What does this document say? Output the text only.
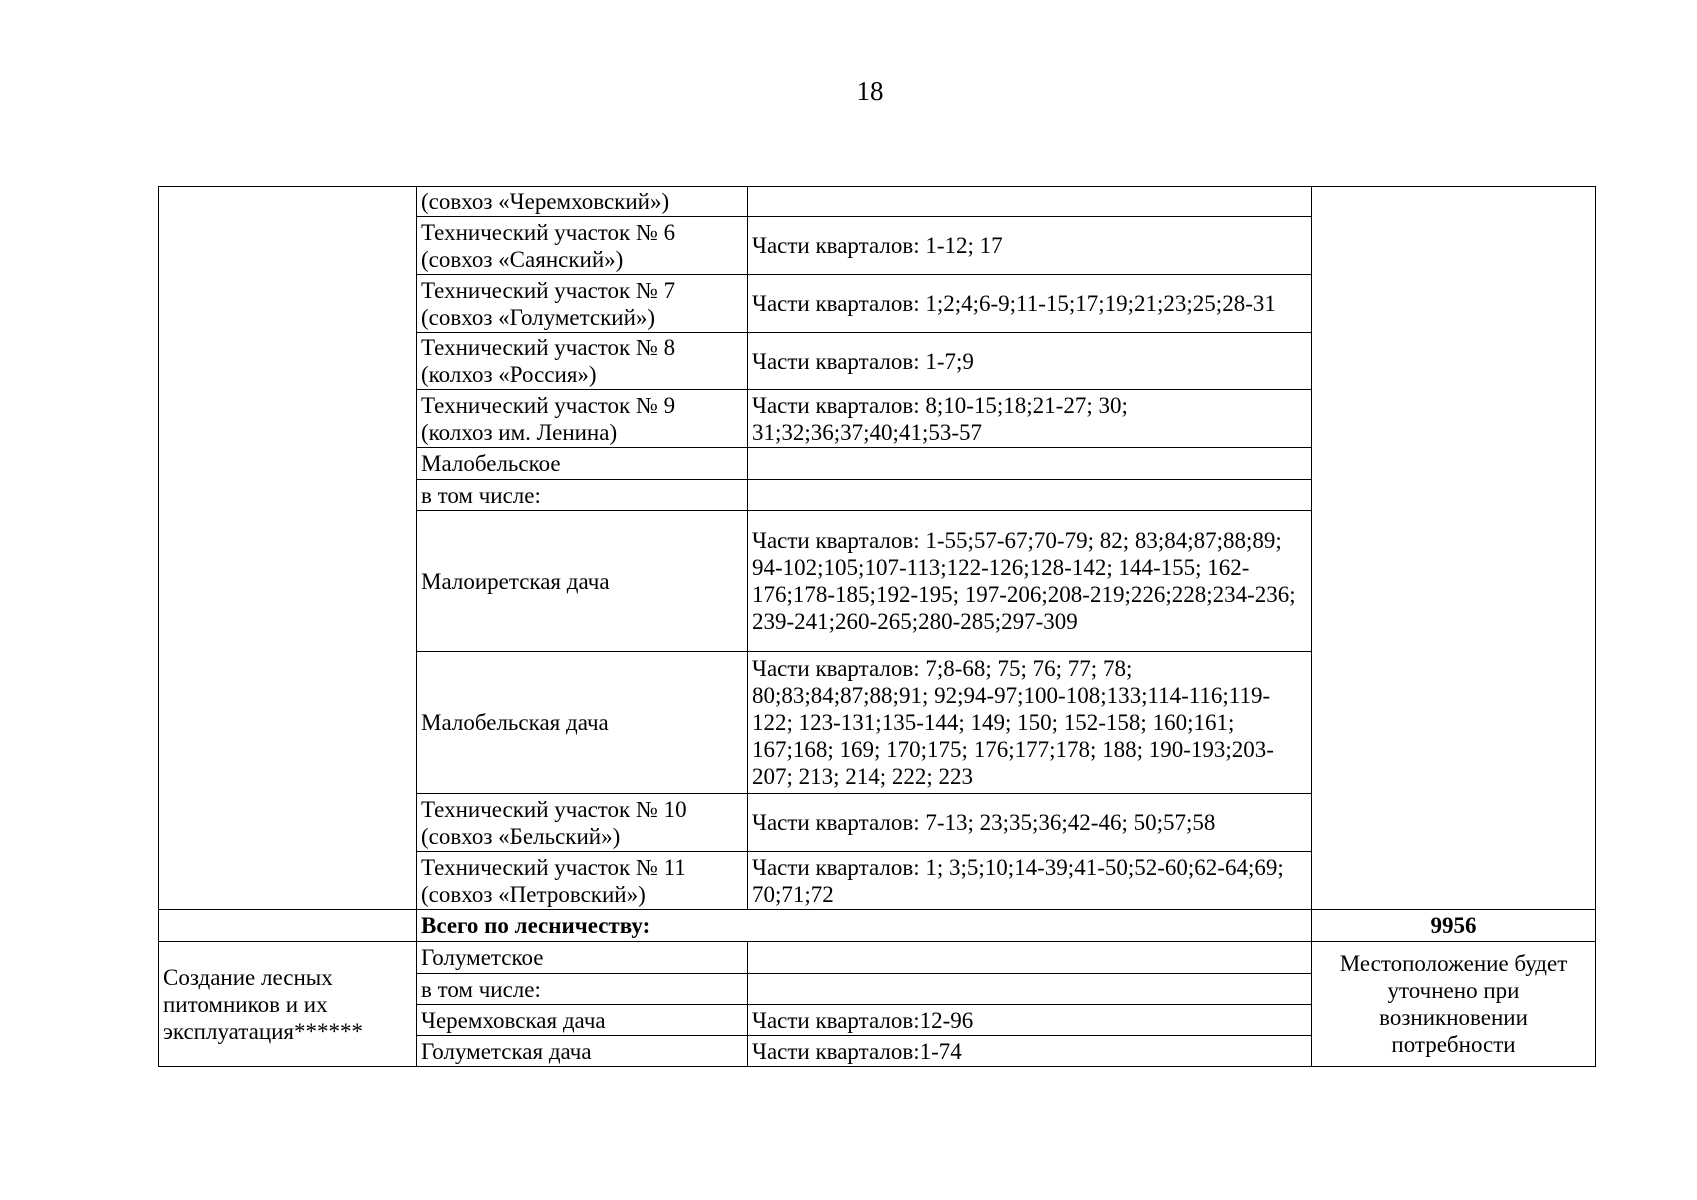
18
	(совхоз «Черемховский»)		
	Технический участок № 6 (совхоз «Саянский»)	Части кварталов: 1-12; 17	
	Технический участок № 7 (совхоз «Голуметский»)	Части кварталов: 1;2;4;6-9;11-15;17;19;21;23;25;28-31	
	Технический участок № 8 (колхоз «Россия»)	Части кварталов: 1-7;9	
	Технический участок № 9 (колхоз им. Ленина)	Части кварталов: 8;10-15;18;21-27; 30; 31;32;36;37;40;41;53-57	
	Малобельское		
	в том числе:		
	Малоиретская дача	Части кварталов: 1-55;57-67;70-79; 82; 83;84;87;88;89; 94-102;105;107-113;122-126;128-142; 144-155; 162-176;178-185;192-195; 197-206;208-219;226;228;234-236; 239-241;260-265;280-285;297-309	
	Малобельская дача	Части кварталов: 7;8-68; 75; 76; 77; 78; 80;83;84;87;88;91; 92;94-97;100-108;133;114-116;119-122; 123-131;135-144; 149; 150; 152-158; 160;161; 167;168; 169; 170;175; 176;177;178; 188; 190-193;203-207; 213; 214; 222; 223	
	Технический участок № 10 (совхоз «Бельский»)	Части кварталов: 7-13; 23;35;36;42-46; 50;57;58	
	Технический участок № 11 (совхоз «Петровский»)	Части кварталов: 1; 3;5;10;14-39;41-50;52-60;62-64;69; 70;71;72	
	Всего по лесничеству:		9956
Создание лесных питомников и их эксплуатация******	Голуметское		Местоположение будет уточнено при возникновении потребности
	в том числе:		
	Черемховская дача	Части кварталов:12-96	
	Голуметская дача	Части кварталов:1-74	
